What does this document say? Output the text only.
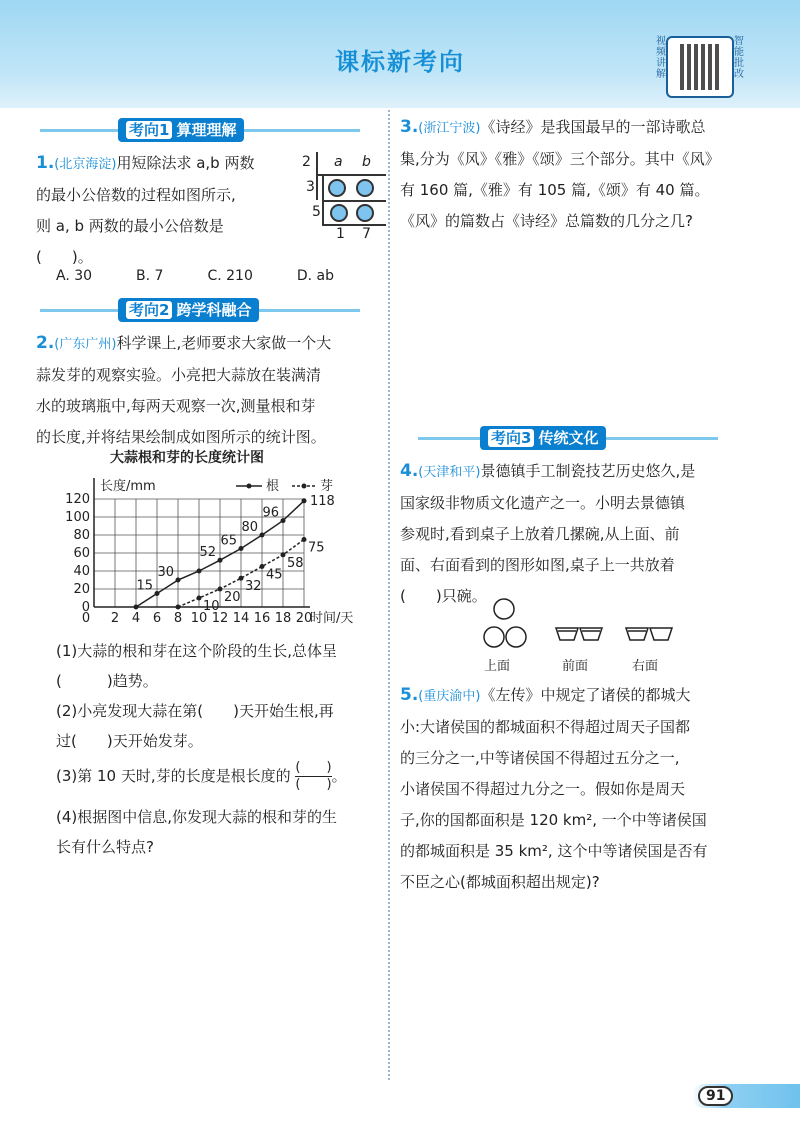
课标新考向
视频讲解
智能批改
考向1 算理理解
1.(北京海淀)用短除法求 a,b 两数
的最小公倍数的过程如图所示,
则 a, b 两数的最小公倍数是
(　　)。
2 a b
3
5
1 7
A. 30	B. 7	C. 210	D. ab
考向2 跨学科融合
2.(广东广州)科学课上,老师要求大家做一个大
蒜发芽的观察实验。小亮把大蒜放在装满清
水的玻璃瓶中,每两天观察一次,测量根和芽
的长度,并将结果绘制成如图所示的统计图。
大蒜根和芽的长度统计图
0
20
40
60
80
100
120
2 4 6 8 10 12 14 16 18 20
0
长度/mm
时间/天
根	芽
15
30
52
65
80
96
118
10
20
32
45
58
75
(1)大蒜的根和芽在这个阶段的生长,总体呈
(　　　)趋势。
(2)小亮发现大蒜在第(　　)天开始生根,再
过(　　)天开始发芽。
(3)第 10 天时,芽的长度是根长度的 (　　)
(　　) 。
(4)根据图中信息,你发现大蒜的根和芽的生
长有什么特点?
3.(浙江宁波)《诗经》是我国最早的一部诗歌总
集,分为《风》《雅》《颂》三个部分。其中《风》
有 160 篇,《雅》有 105 篇,《颂》有 40 篇。
《风》的篇数占《诗经》总篇数的几分之几?
考向3 传统文化
4.(天津和平)景德镇手工制瓷技艺历史悠久,是
国家级非物质文化遗产之一。小明去景德镇
参观时,看到桌子上放着几摞碗,从上面、前
面、右面看到的图形如图,桌子上一共放着
(　　)只碗。
上面	前面	右面
5.(重庆渝中)《左传》中规定了诸侯的都城大
小:大诸侯国的都城面积不得超过周天子国都
的三分之一,中等诸侯国不得超过五分之一,
小诸侯国不得超过九分之一。假如你是周天
子,你的国都面积是 120 km², 一个中等诸侯国
的都城面积是 35 km², 这个中等诸侯国是否有
不臣之心(都城面积超出规定)?
91
